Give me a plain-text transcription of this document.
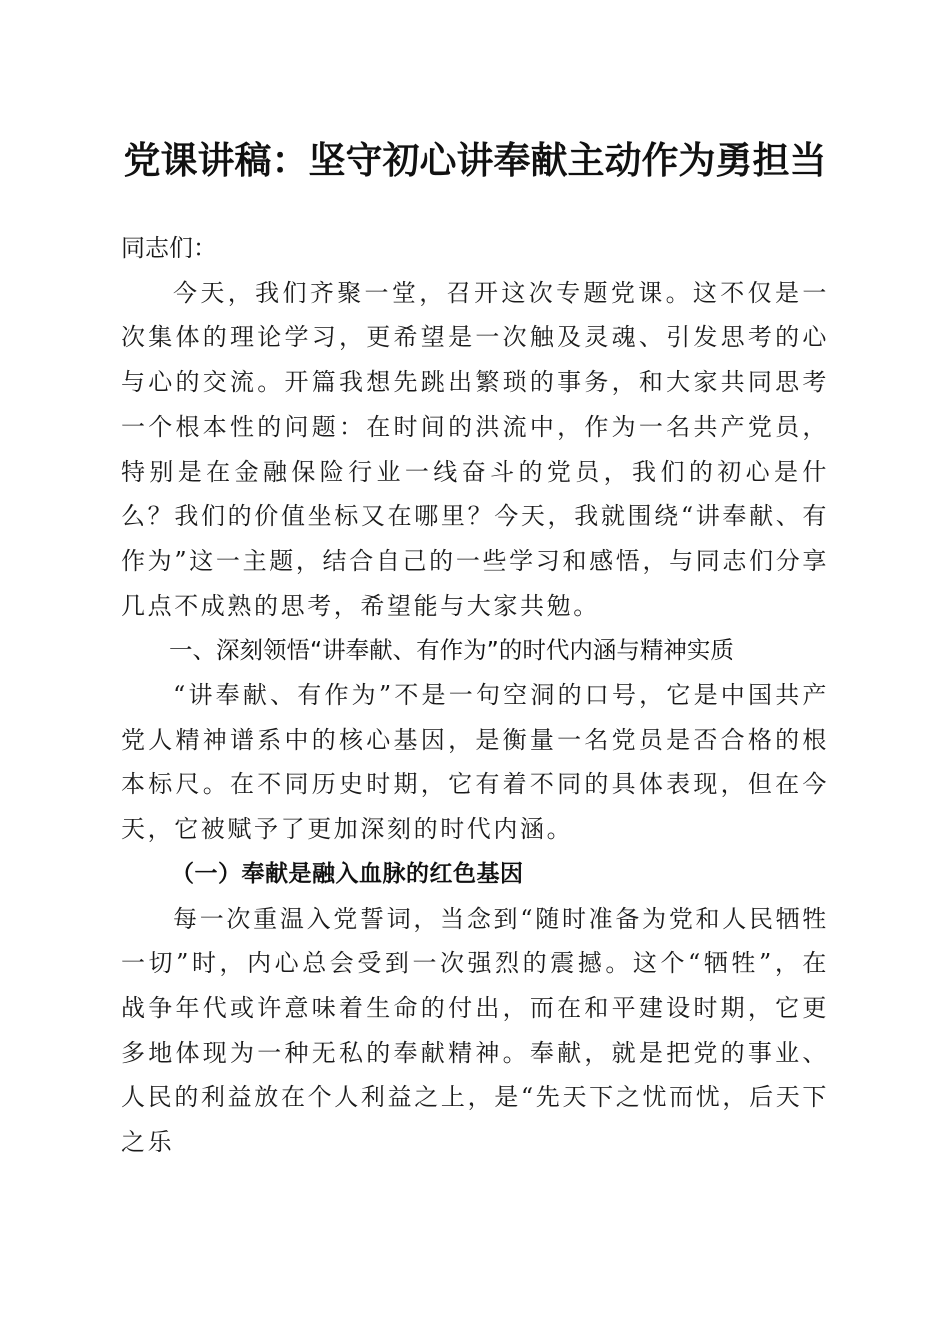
党课讲稿：坚守初心讲奉献主动作为勇担当

同志们：

今天，我们齐聚一堂，召开这次专题党课。这不仅是一次集体的理论学习，更希望是一次触及灵魂、引发思考的心与心的交流。开篇我想先跳出繁琐的事务，和大家共同思考一个根本性的问题：在时间的洪流中，作为一名共产党员，特别是在金融保险行业一线奋斗的党员，我们的初心是什么？我们的价值坐标又在哪里？今天，我就围绕“讲奉献、有作为”这一主题，结合自己的一些学习和感悟，与同志们分享几点不成熟的思考，希望能与大家共勉。

一、深刻领悟“讲奉献、有作为”的时代内涵与精神实质

“讲奉献、有作为”不是一句空洞的口号，它是中国共产党人精神谱系中的核心基因，是衡量一名党员是否合格的根本标尺。在不同历史时期，它有着不同的具体表现，但在今天，它被赋予了更加深刻的时代内涵。

（一）奉献是融入血脉的红色基因

每一次重温入党誓词，当念到“随时准备为党和人民牺牲一切”时，内心总会受到一次强烈的震撼。这个“牺牲”，在战争年代或许意味着生命的付出，而在和平建设时期，它更多地体现为一种无私的奉献精神。奉献，就是把党的事业、人民的利益放在个人利益之上，是“先天下之忧而忧，后天下之乐
